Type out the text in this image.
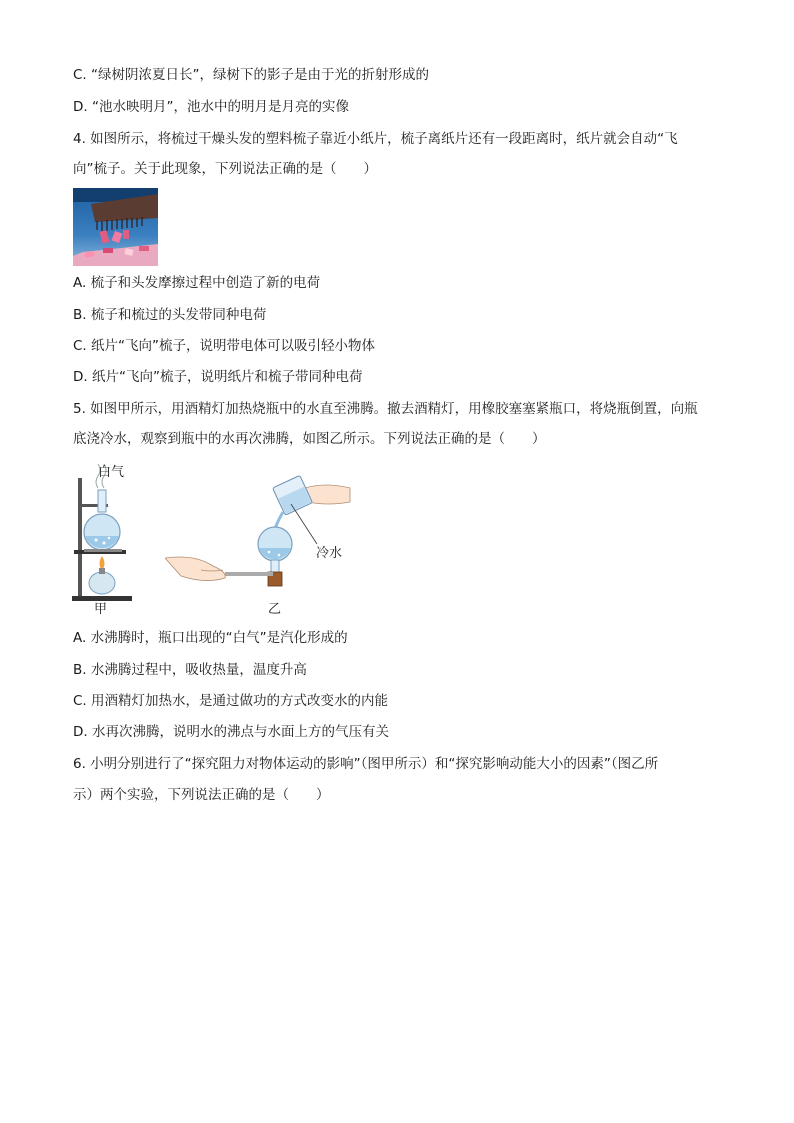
C. “绿树阴浓夏日长”，绿树下的影子是由于光的折射形成的
D. “池水映明月”，池水中的明月是月亮的实像
4. 如图所示，将梳过干燥头发的塑料梳子靠近小纸片，梳子离纸片还有一段距离时，纸片就会自动“飞
向”梳子。关于此现象，下列说法正确的是（　　）
A. 梳子和头发摩擦过程中创造了新的电荷
B. 梳子和梳过的头发带同种电荷
C. 纸片“飞向”梳子，说明带电体可以吸引轻小物体
D. 纸片“飞向”梳子，说明纸片和梳子带同种电荷
5. 如图甲所示，用酒精灯加热烧瓶中的水直至沸腾。撤去酒精灯，用橡胶塞塞紧瓶口，将烧瓶倒置，向瓶
底浇冷水，观察到瓶中的水再次沸腾，如图乙所示。下列说法正确的是（　　）
白气
甲
冷水
乙
A. 水沸腾时，瓶口出现的“白气”是汽化形成的
B. 水沸腾过程中，吸收热量，温度升高
C. 用酒精灯加热水，是通过做功的方式改变水的内能
D. 水再次沸腾，说明水的沸点与水面上方的气压有关
6. 小明分别进行了“探究阻力对物体运动的影响”（图甲所示）和“探究影响动能大小的因素”（图乙所
示）两个实验，下列说法正确的是（　　）
